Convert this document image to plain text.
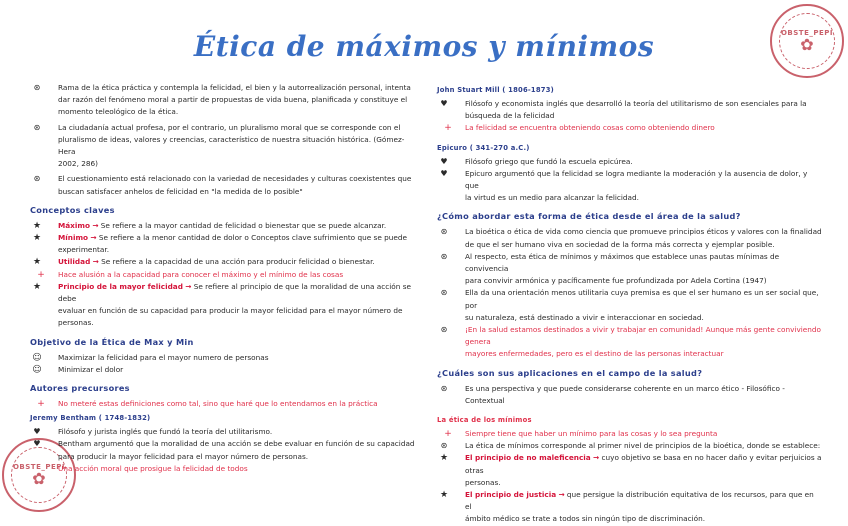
Ética de máximos y mínimos	OBSTE_PEPI
✿
OBSTE_PEPI
✿
⊛	Rama de la ética práctica y contempla la felicidad, el bien y la autorrealización personal, intenta
dar razón del fenómeno moral a partir de propuestas de vida buena, planificada y constituye el
momento teleológico de la ética.
⊛	La ciudadanía actual profesa, por el contrario, un pluralismo moral que se corresponde con el
pluralismo de ideas, valores y creencias, característico de nuestra situación histórica. (Gómez-Hera
2002, 286)
⊛	El cuestionamiento está relacionado con la variedad de necesidades y culturas coexistentes que
buscan satisfacer anhelos de felicidad en "la medida de lo posible"
Conceptos claves
★	Máximo → Se refiere a la mayor cantidad de felicidad o bienestar que se puede alcanzar.
★	Mínimo → Se refiere a la menor cantidad de dolor o Conceptos clave sufrimiento que se puede
experimentar.
★	Utilidad → Se refiere a la capacidad de una acción para producir felicidad o bienestar.
+	Hace alusión a la capacidad para conocer el máximo y el mínimo de las cosas
★	Principio de la mayor felicidad → Se refiere al principio de que la moralidad de una acción se debe
evaluar en función de su capacidad para producir la mayor felicidad para el mayor número de
personas.
Objetivo de la Ética de Max y Min
☺	Maximizar la felicidad para el mayor numero de personas
☺	Minimizar el dolor
Autores precursores
+	No meteré estas definiciones como tal, sino que haré que lo entendamos en la práctica
Jeremy Bentham ( 1748-1832)
♥	Filósofo y jurista inglés que fundó la teoría del utilitarismo.
♥	Bentham argumentó que la moralidad de una acción se debe evaluar en función de su capacidad
para producir la mayor felicidad para el mayor número de personas.
Una acción moral que prosigue la felicidad de todos
John Stuart Mill ( 1806-1873)
♥	Filósofo y economista inglés que desarrolló la teoría del utilitarismo de son esenciales para la
búsqueda de la felicidad
+	La felicidad se encuentra obteniendo cosas como obteniendo dinero
Epicuro ( 341-270 a.C.)
♥	Filósofo griego que fundó la escuela epicúrea.
♥	Epicuro argumentó que la felicidad se logra mediante la moderación y la ausencia de dolor, y que
la virtud es un medio para alcanzar la felicidad.
¿Cómo abordar esta forma de ética desde el área de la salud?
⊛	La bioética o ética de vida como ciencia que promueve principios éticos y valores con la finalidad
de que el ser humano viva en sociedad de la forma más correcta y ejemplar posible.
⊛	Al respecto, esta ética de mínimos y máximos que establece unas pautas mínimas de convivencia
para convivir armónica y pacíficamente fue profundizada por Adela Cortina (1947)
⊛	Ella da una orientación menos utilitaria cuya premisa es que el ser humano es un ser social que, por
su naturaleza, está destinado a vivir e interaccionar en sociedad.
⊛	¡En la salud estamos destinados a vivir y trabajar en comunidad! Aunque más gente conviviendo genera
mayores enfermedades, pero es el destino de las personas interactuar
¿Cuáles son sus aplicaciones en el campo de la salud?
⊛	Es una perspectiva y que puede considerarse coherente en un marco ético - Filosófico - Contextual
La ética de los mínimos
+	Siempre tiene que haber un mínimo para las cosas y lo sea pregunta
⊛	La ética de mínimos corresponde al primer nivel de principios de la bioética, donde se establece:
★	El principio de no maleficencia → cuyo objetivo se basa en no hacer daño y evitar perjuicios a otras
personas.
★	El principio de justicia → que persigue la distribución equitativa de los recursos, para que en el
ámbito médico se trate a todos sin ningún tipo de discriminación.
